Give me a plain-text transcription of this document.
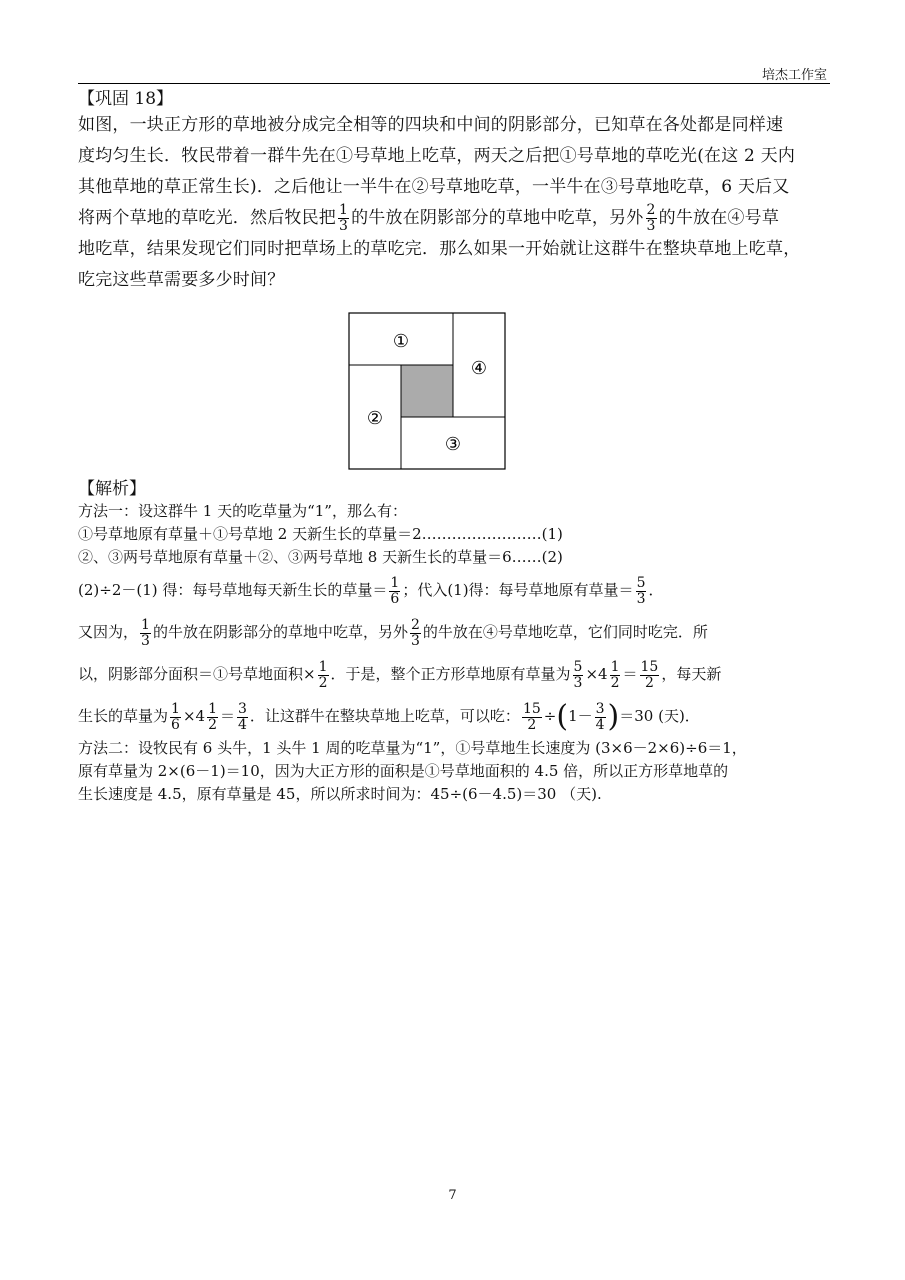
培杰工作室
【巩固 18】
如图，一块正方形的草地被分成完全相等的四块和中间的阴影部分，已知草在各处都是同样速
度均匀生长．牧民带着一群牛先在①号草地上吃草，两天之后把①号草地的草吃光(在这 2 天内
其他草地的草正常生长)．之后他让一半牛在②号草地吃草，一半牛在③号草地吃草，6 天后又
将两个草地的草吃光．然后牧民把 $\frac{1}{3}$ 的牛放在阴影部分的草地中吃草，另外 $\frac{2}{3}$ 的牛放在④号草
地吃草，结果发现它们同时把草场上的草吃完．那么如果一开始就让这群牛在整块草地上吃草，
吃完这些草需要多少时间？
①
④
②
③
【解析】
方法一：设这群牛 1 天的吃草量为“1”，那么有：
①号草地原有草量＋①号草地 2 天新生长的草量＝2……………………(1)
②、③两号草地原有草量＋②、③两号草地 8 天新生长的草量＝6……(2)
(2)÷2－(1) 得：每号草地每天新生长的草量＝ $\frac{1}{6}$ ；代入(1)得：每号草地原有草量＝ $\frac{5}{3}$ ．
又因为， $\frac{1}{3}$ 的牛放在阴影部分的草地中吃草，另外 $\frac{2}{3}$ 的牛放在④号草地吃草，它们同时吃完．所
以，阴影部分面积＝①号草地面积× $\frac{1}{2}$ ．于是，整个正方形草地原有草量为 $\frac{5}{3} \times 4 \frac{1}{2} = \frac{15}{2}$ ，每天新
生长的草量为 $\frac{1}{6} \times 4 \frac{1}{2} = \frac{3}{4}$ ．让这群牛在整块草地上吃草，可以吃： $\frac{15}{2} \div(1- \frac{3}{4} )=30$ (天)．
方法二：设牧民有 6 头牛，1 头牛 1 周的吃草量为“1”，①号草地生长速度为 (3×6－2×6)÷6＝1，
原有草量为 2×(6－1)＝10，因为大正方形的面积是①号草地面积的 4.5 倍，所以正方形草地草的
生长速度是 4.5，原有草量是 45，所以所求时间为：45÷(6－4.5)＝30 （天).
7
